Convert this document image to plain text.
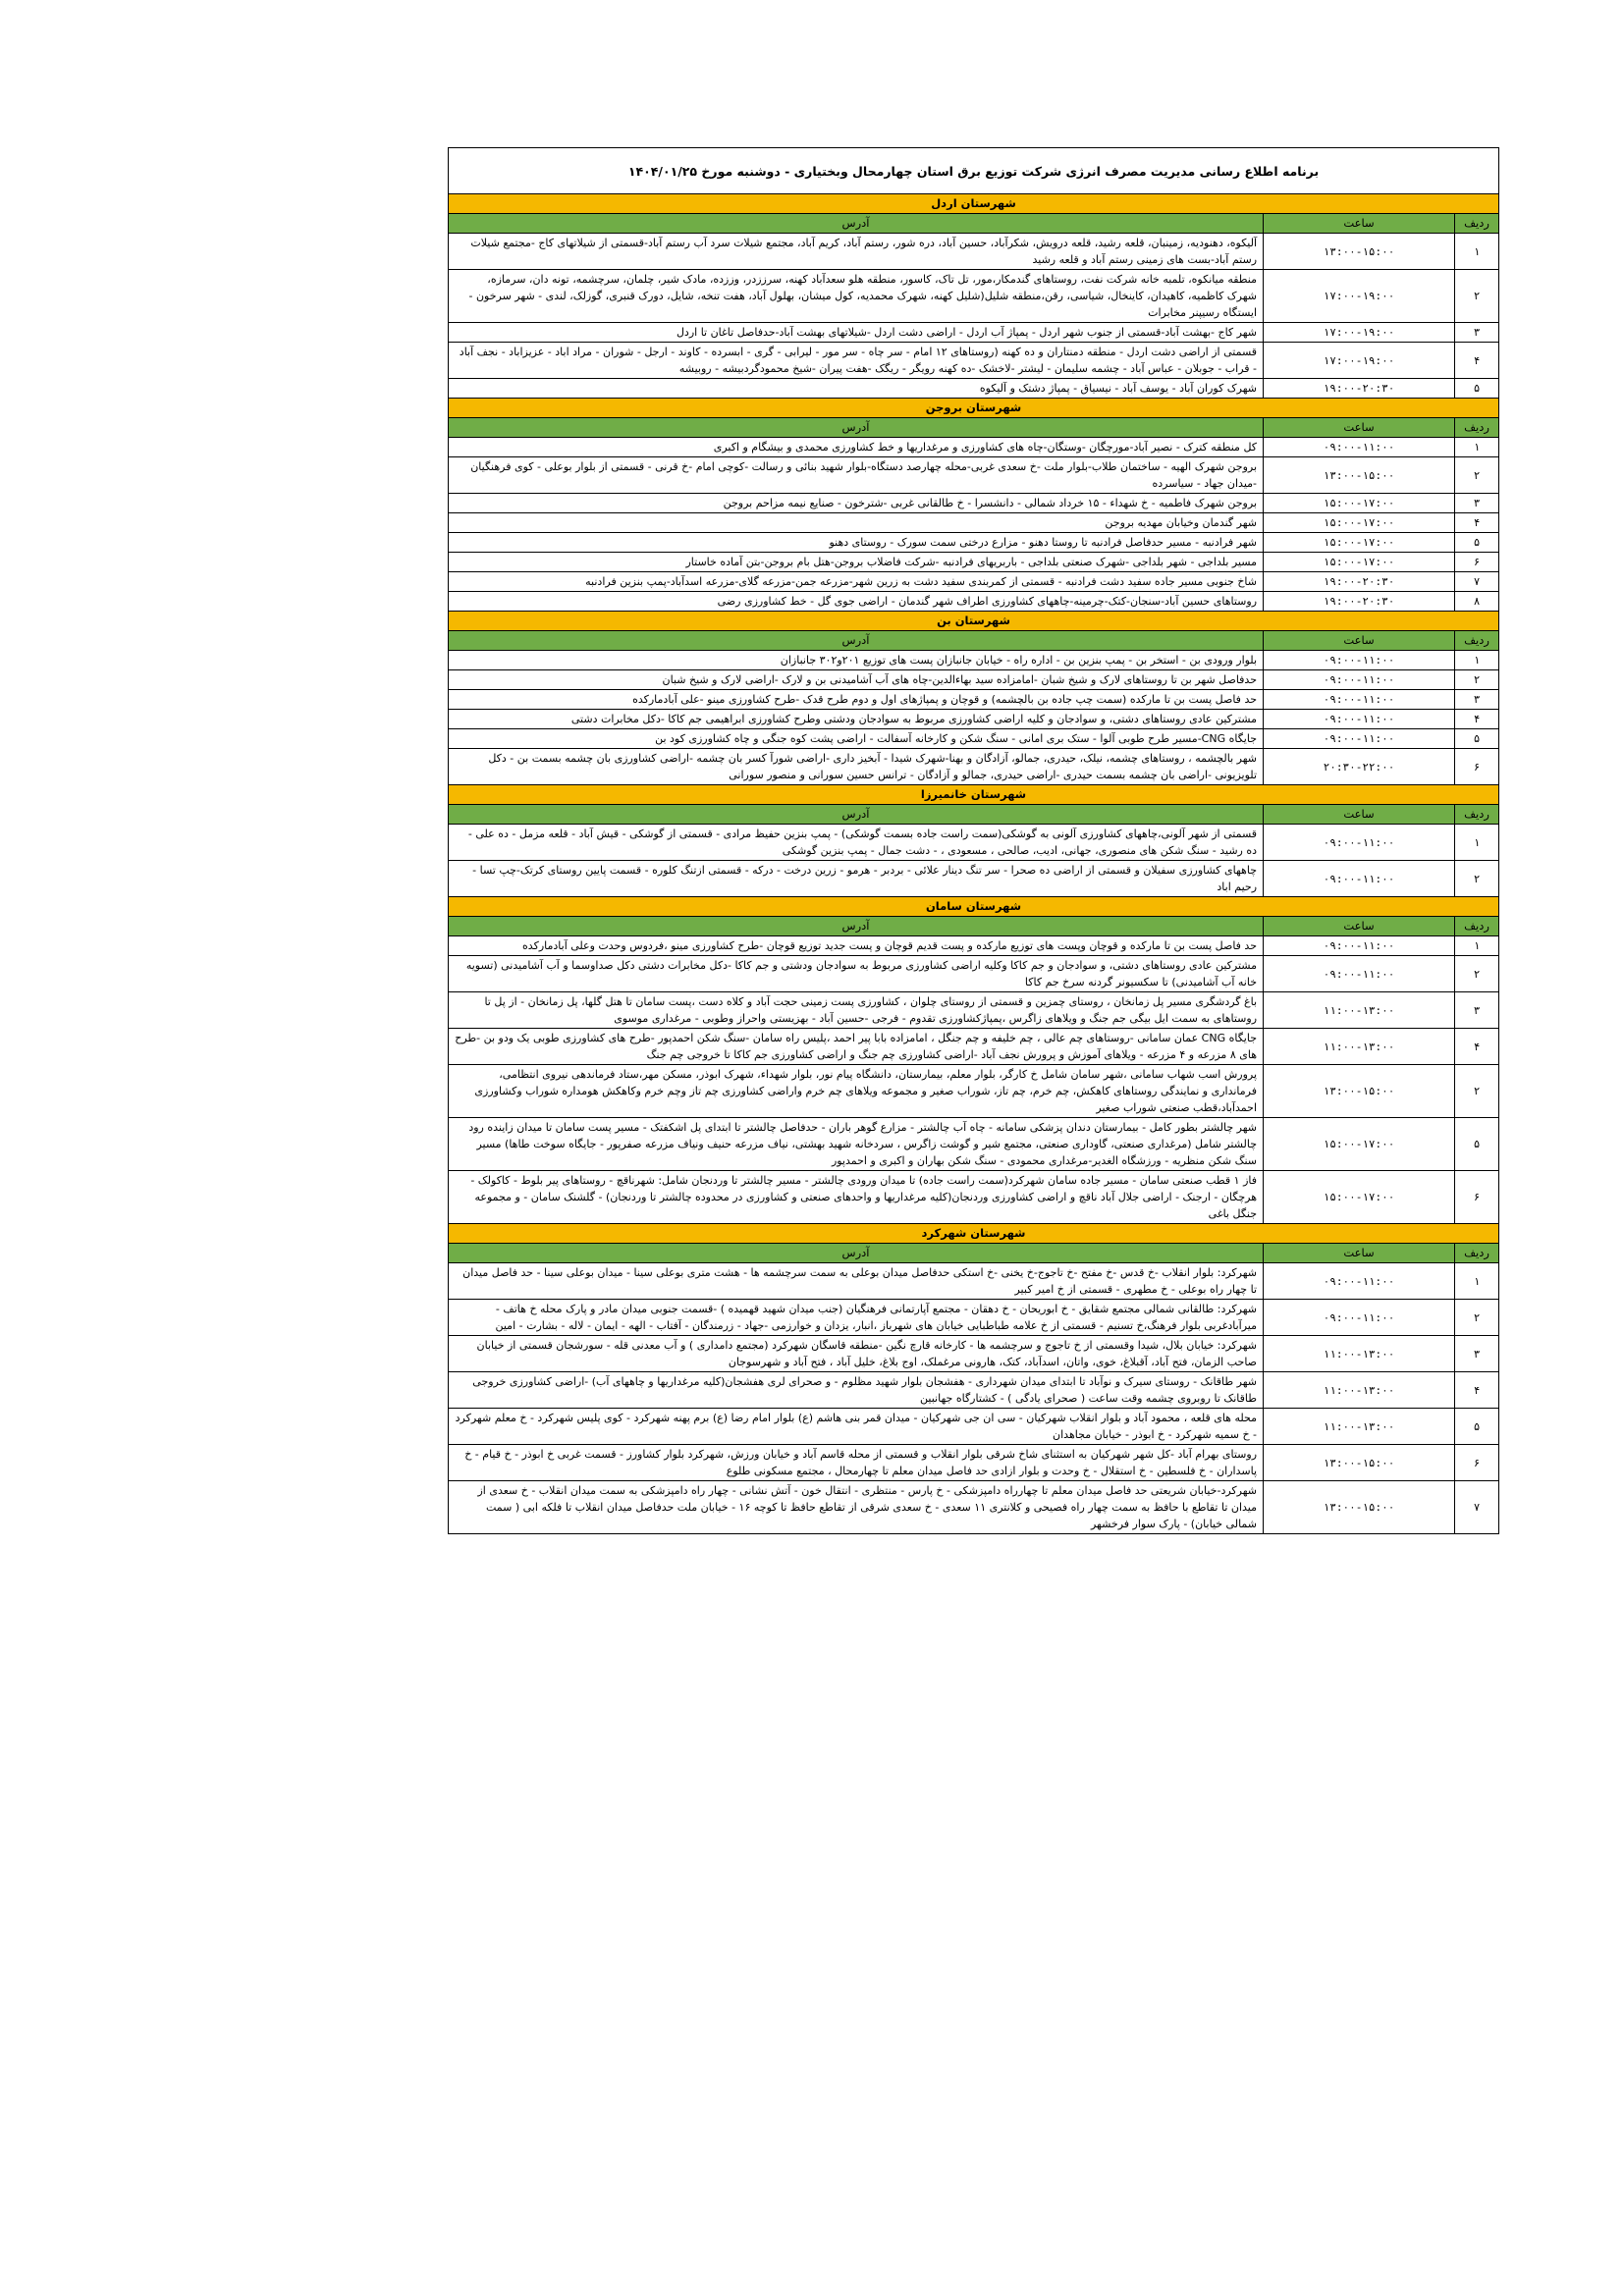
برنامه اطلاع رسانی مدیریت مصرف انرژی شرکت توزیع برق استان چهارمحال وبختیاری - دوشنبه مورخ ۱۴۰۴/۰۱/۲۵		
شهرستان اردل		
ردیف	ساعت	آدرس
۱	۱۳:۰۰-۱۵:۰۰	آلیکوه، دهنودیه، زمینبان، قلعه رشید، قلعه درویش، شکرآباد، حسین آباد، دره شور، رستم آباد، کریم آباد، مجتمع شیلات سرد آب رستم آباد-قسمتی از شیلاتهای کاج -مجتمع شیلات رستم آباد-بست های زمینی رستم آباد و قلعه رشید
۲	۱۷:۰۰-۱۹:۰۰	منطقه میانکوه، تلمبه خانه شرکت نفت، روستاهای گندمکار،مور، تل تاک، کاسور، منطقه هلو سعدآباد کهنه، سرززدر، وززده، مادک شیر، چلمان، سرچشمه، تونه دان، سرمازه، شهرک کاظمیه، کاهیدان، کاینخال، شیاسی، رقن،منطقه شلیل(شلیل کهنه، شهرک محمدیه، کول میشان، بهلول آباد، هفت تنخه، شایل، دورک قنبری، گوزلک، لندی - شهر سرخون - ایستگاه رسیپنر مخابرات
۳	۱۷:۰۰-۱۹:۰۰	شهر کاج -بهشت آباد-قسمتی از جنوب شهر اردل - پمپاژ آب اردل - اراضی دشت اردل -شیلاتهای بهشت آباد-حدفاصل تاغان تا اردل
۴	۱۷:۰۰-۱۹:۰۰	قسمتی از اراضی دشت اردل - منطقه دمنتاران و ده کهنه (روستاهای ۱۲ امام - سر چاه - سر مور - لیرابی - گری - ابسرده - کاوند - ارجل - شوران - مراد اباد - عزیزاباد - نجف آباد - قراب - جوبلان - عباس آباد - چشمه سلیمان - لیشتر -لاخشک -ده کهنه رویگر - ریگک -هفت پیران -شیخ محمودگردبیشه - روبیشه
۵	۱۹:۰۰-۲۰:۳۰	شهرک کوران آباد - یوسف آباد - نیسیاق - پمپاژ دشتک و آلیکوه
شهرستان بروجن		
ردیف	ساعت	آدرس
۱	۰۹:۰۰-۱۱:۰۰	کل منطقه کترک - نصیر آباد-مورچگان -وستگان-چاه های کشاورزی و مرغداریها و خط کشاورزی محمدی و بیشگام و اکبری
۲	۱۳:۰۰-۱۵:۰۰	بروجن شهرک الهیه - ساختمان طلاب-بلوار ملت -خ سعدی غربی-محله چهارصد دستگاه-بلوار شهید بنائی و رسالت -کوچی امام -خ قرنی - قسمتی از بلوار بوعلی - کوی فرهنگیان -میدان جهاد - سیاسرده
۳	۱۵:۰۰-۱۷:۰۰	بروجن شهرک فاطمیه - خ شهداء - ۱۵ خرداد شمالی - دانشسرا - خ طالقانی غربی -شترخون - صنایع نیمه مزاحم بروجن
۴	۱۵:۰۰-۱۷:۰۰	شهر گندمان وخیابان مهدیه بروجن
۵	۱۵:۰۰-۱۷:۰۰	شهر فرادنبه - مسیر حدفاصل فرادنبه تا روستا دهنو - مزارع درختی سمت سورک - روستای دهنو
۶	۱۵:۰۰-۱۷:۰۰	مسیر بلداجی - شهر بلداجی -شهرک صنعتی بلداجی - باربریهای فرادنبه -شرکت فاضلاب بروجن-هتل بام بروجن-بتن آماده خاستار
۷	۱۹:۰۰-۲۰:۳۰	شاخ جنوبی مسیر جاده سفید دشت فرادنبه - قسمتی از کمربندی سفید دشت به زرین شهر-مزرعه جمن-مزرعه گلای-مزرعه اسدآباد-پمپ بنزین فرادنبه
۸	۱۹:۰۰-۲۰:۳۰	روستاهای حسین آباد-سنجان-کتک-چرمینه-چاههای کشاورزی اطراف شهر گندمان - اراضی جوی گل - خط کشاورزی رضی
شهرستان بن		
ردیف	ساعت	آدرس
۱	۰۹:۰۰-۱۱:۰۰	بلوار ورودی بن - استخر بن - پمپ بنزین بن - اداره راه - خیابان جانبازان پست های توزیع ۲۰۱و۳۰۲ جانبازان
۲	۰۹:۰۰-۱۱:۰۰	حدفاصل شهر بن تا روستاهای لارک و شیخ شبان -امامزاده سید بهاءالدین-چاه های آب آشامیدنی بن و لارک -اراضی لارک و شیخ شبان
۳	۰۹:۰۰-۱۱:۰۰	حد فاصل پست بن تا مارکده (سمت چپ جاده بن بالچشمه) و قوچان و پمپاژهای اول و دوم طرح قدک -طرح کشاورزی مینو -علی آبادمارکده
۴	۰۹:۰۰-۱۱:۰۰	مشترکین عادی روستاهای دشتی، و سوادجان و کلیه اراضی کشاورزی مربوط به سوادجان ودشتی وطرح کشاورزی ابراهیمی جم کاکا -دکل مخابرات دشتی
۵	۰۹:۰۰-۱۱:۰۰	جایگاه CNG-مسیر طرح طوبی آلوا - ستک بری امانی - سنگ شکن و کارخانه آسفالت - اراضی پشت کوه جنگی و چاه کشاورزی کود بن
۶	۲۰:۳۰-۲۲:۰۰	شهر بالچشمه ، روستاهای چشمه، نیلک، حیدری، جمالو، آزادگان و بهنا-شهرک شیدا - آبخیز داری -اراضی شورآ کسر بان چشمه -اراضی کشاورزی بان چشمه بسمت بن - دکل تلویزیونی -اراضی بان چشمه بسمت حیدری -اراضی حیدری، جمالو و آزادگان - ترانس حسین سورانی و منصور سورانی
شهرستان خانمیرزا		
ردیف	ساعت	آدرس
۱	۰۹:۰۰-۱۱:۰۰	قسمتی از شهر آلونی،چاههای کشاورزی آلونی به گوشکی(سمت راست جاده بسمت گوشکی) - پمپ بنزین حفیظ مرادی - قسمتی از گوشکی - قیش آباد - قلعه مزمل - ده علی - ده رشید - سنگ شکن های منصوری، جهانی، ادیب، صالحی ، مسعودی ، - دشت جمال - پمپ بنزین گوشکی
۲	۰۹:۰۰-۱۱:۰۰	چاههای کشاورزی سفیلان و قسمتی از اراضی ده صحرا - سر تنگ دینار علائی - بردبر - هرمو - زرین درخت - درکه - قسمتی ازتنگ کلوره - قسمت پایین روستای کرتک-چپ تسا - رحیم اباد
شهرستان سامان		
ردیف	ساعت	آدرس
۱	۰۹:۰۰-۱۱:۰۰	حد فاصل پست بن تا مارکده و قوچان وپست های توزیع مارکده و پست قدیم قوچان و پست جدید توزیع قوچان -طرح کشاورزی مینو ،فردوس وحدت وعلی آبادمارکده
۲	۰۹:۰۰-۱۱:۰۰	مشترکین عادی روستاهای دشتی، و سوادجان و جم کاکا وکلیه اراضی کشاورزی مربوط به سوادجان ودشتی و جم کاکا -دکل مخابرات دشتی دکل صداوسما و آب آشامیدنی (تسویه خانه آب آشامیدنی) تا سکسیونر گردنه سرخ جم کاکا
۳	۱۱:۰۰-۱۳:۰۰	باغ گردشگری مسیر پل زمانخان ، روستای چمزین و قسمتی از روستای چلوان ، کشاورزی پست زمینی حجت آباد و کلاه دست ،پست سامان تا هتل گلها، پل زمانخان - از پل تا روستاهای به سمت ایل بیگی جم جنگ و ویلاهای زاگرس ،پمپاژکشاورزی تقدوم - فرجی -حسین آباد - بهزیستی واحراز وطوبی - مرغداری موسوی
۴	۱۱:۰۰-۱۳:۰۰	جایگاه CNG عمان سامانی -روستاهای چم عالی ، چم خلیفه و چم جنگل ، امامزاده بابا پیر احمد ،پلیس راه سامان -سنگ شکن احمدپور -طرح های کشاورزی طوبی یک ودو بن -طرح های ۸ مزرعه و ۴ مزرعه - ویلاهای آموزش و پرورش نجف آباد -اراضی کشاورزی چم جنگ و اراضی کشاورزی جم کاکا تا خروجی چم جنگ
۲	۱۳:۰۰-۱۵:۰۰	پرورش اسب شهاب سامانی ،شهر سامان شامل خ کارگر، بلوار معلم، بیمارستان، دانشگاه پیام نور، بلوار شهداء، شهرک ابوذر، مسکن مهر،ستاد فرماندهی نیروی انتظامی، فرمانداری و نمایندگی روستاهای کاهکش، چم خرم، چم تاز، شوراب صغیر و مجموعه ویلاهای چم خرم واراضی کشاورزی چم تاز وچم خرم وکاهکش هومداره شوراب وکشاورزی احمدآباد،قطب صنعتی شوراب صغیر
۵	۱۵:۰۰-۱۷:۰۰	شهر چالشتر بطور کامل - بیمارستان دندان پزشکی سامانه - چاه آب چالشتر - مزارع گوهر باران - حدفاصل چالشتر تا ابتدای پل اشکفتک - مسیر پست سامان تا میدان زاینده رود چالشتر شامل (مرغداری صنعتی، گاوداری صنعتی، مجتمع شیر و گوشت زاگرس ، سردخانه شهید بهشتی، نیاف مزرعه حنیف ونیاف مزرعه صفرپور - جایگاه سوخت طاها) مسیر سنگ شکن منظریه - ورزشگاه الغدیر-مرغداری محمودی - سنگ شکن بهاران و اکبری و احمدپور
۶	۱۵:۰۰-۱۷:۰۰	فاز ۱ قطب صنعتی سامان - مسیر جاده سامان شهرکرد(سمت راست جاده) تا میدان ورودی چالشتر - مسیر چالشتر تا وردنجان شامل: شهرناقچ - روستاهای پیر بلوط - کاکولک - هرچگان - ارجنک - اراضی جلال آباد ناقچ و اراضی کشاورزی وردنجان(کلیه مرغداریها و واحدهای صنعتی و کشاورزی در محدوده چالشتر تا وردنجان) - گلشنک سامان - و مجموعه جنگل باغی
شهرستان شهرکرد		
ردیف	ساعت	آدرس
۱	۰۹:۰۰-۱۱:۰۰	شهرکرد: بلوار انقلاب -خ قدس -خ مفتح -خ تاجوج-خ یخنی -خ استکی حدفاصل میدان بوعلی به سمت سرچشمه ها - هشت متری بوعلی سینا - میدان بوعلی سینا - حد فاصل میدان تا چهار راه بوعلی - خ مطهری - قسمتی از خ امیر کبیر
۲	۰۹:۰۰-۱۱:۰۰	شهرکرد: طالقانی شمالی مجتمع شقایق - خ ابوریحان - خ دهقان - مجتمع آپارتمانی فرهنگیان (جنب میدان شهید قهمیده ) -قسمت جنوبی میدان مادر و پارک محله خ هاتف - میرآبادغربی بلوار فرهنگ،خ تسنیم - قسمتی از خ علامه طباطبایی خیابان های شهرباز ،انبار، یزدان و خوارزمی -جهاد - زرمندگان - آفتاب - الهه - ایمان - لاله - بشارت - امین
۳	۱۱:۰۰-۱۳:۰۰	شهرکرد: خیابان بلال، شیدا وقسمتی از خ تاجوج و سرچشمه ها - کارخانه قارچ نگین -منطقه قاسگان شهرکرد (مجتمع دامداری ) و آب معدنی قله - سورشجان قسمتی از خیابان صاحب الزمان، فتح آباد، آقبلاغ، خوی، واتان، اسدآباد، کتک، هارونی مرغملک، اوج بلاغ، خلیل آباد ، فتح آباد و شهرسوجان
۴	۱۱:۰۰-۱۳:۰۰	شهر طاقانک - روستای سیرک و نوآباد تا ابتدای میدان شهرداری - هفشجان بلوار شهید مظلوم - و صحرای لری هفشجان(کلیه مرغداریها و چاههای آب) -اراضی کشاورزی خروجی طاقانک تا روبروی چشمه وقت ساعت ( صحرای یادگی ) - کشتارگاه جهانبین
۵	۱۱:۰۰-۱۳:۰۰	محله های قلعه ، محمود آباد و بلوار انقلاب شهرکیان - سی ان جی شهرکیان - میدان قمر بنی هاشم (ع) بلوار امام رضا (ع) برم پهنه شهرکرد - کوی پلیس شهرکرد - خ معلم شهرکرد - خ سمیه شهرکرد - خ ابوذر - خیابان مجاهدان
۶	۱۳:۰۰-۱۵:۰۰	روستای بهرام آباد -کل شهر شهرکیان به استثنای شاخ شرقی بلوار انقلاب و قسمتی از محله قاسم آباد و خیابان ورزش، شهرکرد بلوار کشاورز - قسمت غربی خ ابوذر - خ قیام - خ پاسداران - خ فلسطین - خ استقلال - خ وحدت و بلوار ازادی حد فاصل میدان معلم تا چهارمحال ، مجتمع مسکونی طلوع
۷	۱۳:۰۰-۱۵:۰۰	شهرکرد-خیابان شریعتی حد فاصل میدان معلم تا چهارراه دامپزشکی - خ پارس - منتظری - انتقال خون - آتش نشانی - چهار راه دامپزشکی به سمت میدان انقلاب - خ سعدی از میدان تا تقاطع با حافظ به سمت چهار راه فصیحی و کلانتری ۱۱ سعدی - خ سعدی شرقی از تقاطع حافظ تا کوچه ۱۶ - خیابان ملت حدفاصل میدان انقلاب تا فلکه ابی ( سمت شمالی خیابان) - پارک سوار فرخشهر
